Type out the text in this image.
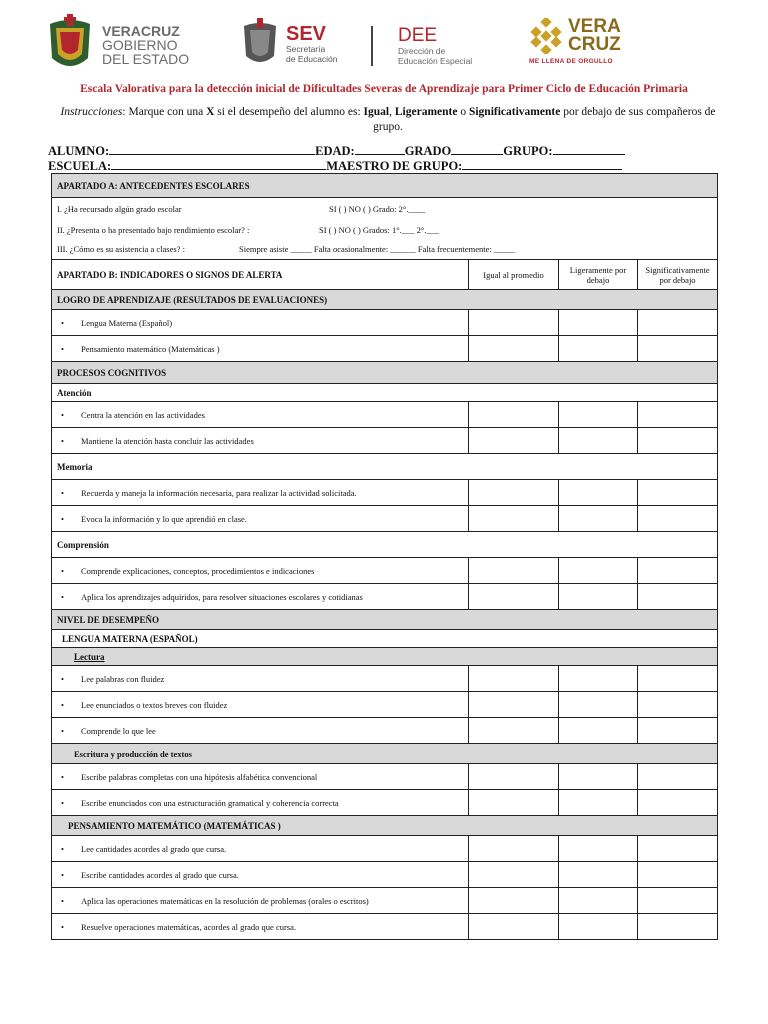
VERACRUZ
GOBIERNO
DEL ESTADO
SEV
Secretaría
de Educación
DEE
Dirección de
Educación Especial
VERA
CRUZ
ME LLENA DE ORGULLO
Escala Valorativa para la detección inicial de Dificultades Severas de Aprendizaje para Primer Ciclo de Educación Primaria
Instrucciones: Marque con una X si el desempeño del alumno es: Igual, Ligeramente o Significativamente por debajo de sus compañeros de grupo.
ALUMNO:	EDAD:	GRADO	GRUPO:
ESCUELA:	MAESTRO DE GRUPO:
APARTADO A: ANTECEDENTES ESCOLARES			
I. ¿Ha recursado algún grado escolar SI ( ) NO ( ) Grado: 2°.____			
II. ¿Presenta o ha presentado bajo rendimiento escolar? : SI ( ) NO ( ) Grados: 1°.___ 2°.___			
III. ¿Cómo es su asistencia a clases? : Siempre asiste _____ Falta ocasionalmente: ______ Falta frecuentemente: _____			
APARTADO B: INDICADORES O SIGNOS DE ALERTA	Igual al promedio	Ligeramente por debajo	Significativamente por debajo
LOGRO DE APRENDIZAJE (RESULTADOS DE EVALUACIONES)			
• Lengua Materna (Español)			
• Pensamiento matemático (Matemáticas )			
PROCESOS COGNITIVOS			
Atención			
• Centra la atención en las actividades			
• Mantiene la atención hasta concluir las actividades			
Memoria			
• Recuerda y maneja la información necesaria, para realizar la actividad solicitada.			
• Evoca la información y lo que aprendió en clase.			
Comprensión			
• Comprende explicaciones, conceptos, procedimientos e indicaciones			
• Aplica los aprendizajes adquiridos, para resolver situaciones escolares y cotidianas			
NIVEL DE DESEMPEÑO			
LENGUA MATERNA (ESPAÑOL)			
Lectura			
• Lee palabras con fluidez			
• Lee enunciados o textos breves con fluidez			
• Comprende lo que lee			
Escritura y producción de textos			
• Escribe palabras completas con una hipótesis alfabética convencional			
• Escribe enunciados con una estructuración gramatical y coherencia correcta			
PENSAMIENTO MATEMÁTICO (MATEMÁTICAS )			
• Lee cantidades acordes al grado que cursa.			
• Escribe cantidades acordes al grado que cursa.			
• Aplica las operaciones matemáticas en la resolución de problemas (orales o escritos)			
• Resuelve operaciones matemáticas, acordes al grado que cursa.			
